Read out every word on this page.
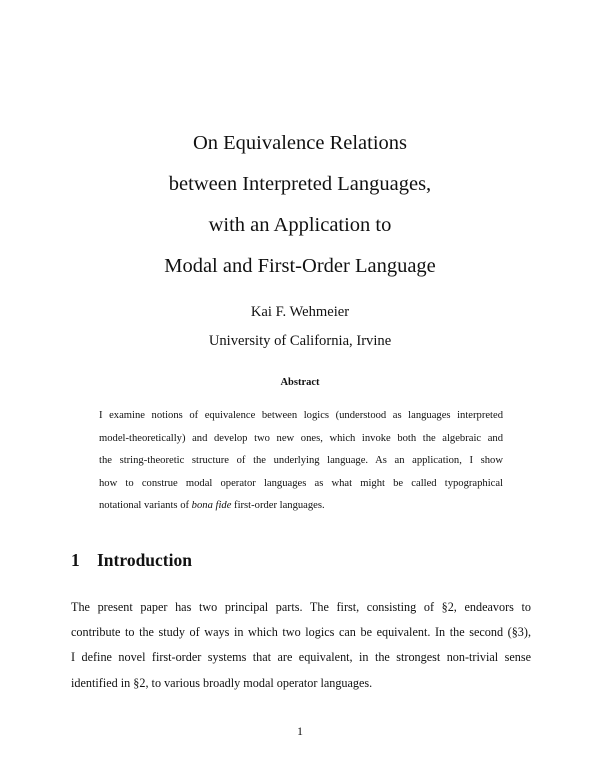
On Equivalence Relations
between Interpreted Languages,
with an Application to
Modal and First-Order Language
Kai F. Wehmeier
University of California, Irvine
Abstract
I examine notions of equivalence between logics (understood as languages interpreted
model-theoretically) and develop two new ones, which invoke both the algebraic and
the string-theoretic structure of the underlying language. As an application, I show
how to construe modal operator languages as what might be called typographical
notational variants of bona fide first-order languages.
1 Introduction
The present paper has two principal parts. The first, consisting of §2, endeavors to
contribute to the study of ways in which two logics can be equivalent. In the second (§3),
I define novel first-order systems that are equivalent, in the strongest non-trivial sense
identified in §2, to various broadly modal operator languages.
1
